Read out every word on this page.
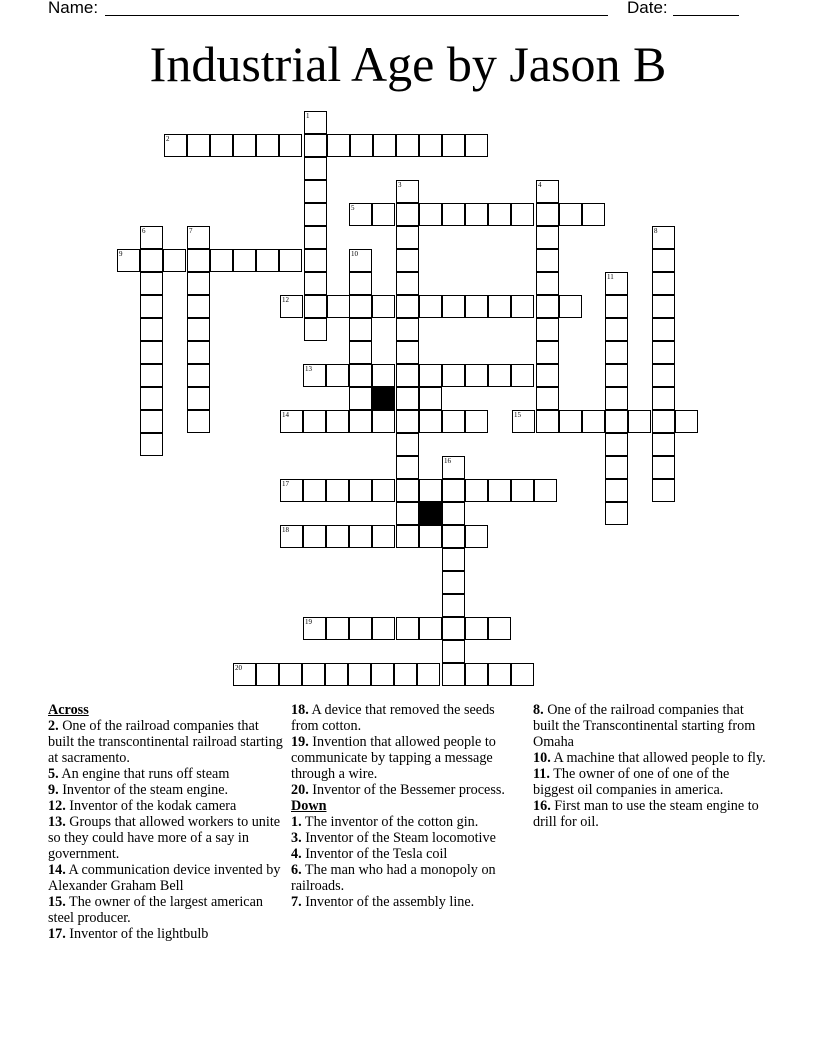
Name:	Date:
Industrial Age by Jason B
1
2
3	4
5
6	7	8
9	10
11
12
13
14	15
16
17
18
19
20

Across

2. One of the railroad companies that built the transcontinental railroad starting at sacramento.

5. An engine that runs off steam

9. Inventor of the steam engine.

12. Inventor of the kodak camera

13. Groups that allowed workers to unite so they could have more of a say in government.

14. A communication device invented by Alexander Graham Bell

15. The owner of the largest american steel producer.

17. Inventor of the lightbulb

18. A device that removed the seeds from cotton.

19. Invention that allowed people to communicate by tapping a message through a wire.

20. Inventor of the Bessemer process.

Down

1. The inventor of the cotton gin.

3. Inventor of the Steam locomotive

4. Inventor of the Tesla coil

6. The man who had a monopoly on railroads.

7. Inventor of the assembly line.

8. One of the railroad companies that built the Transcontinental starting from Omaha

10. A machine that allowed people to fly.

11. The owner of one of one of the biggest oil companies in america.

16. First man to use the steam engine to drill for oil.
